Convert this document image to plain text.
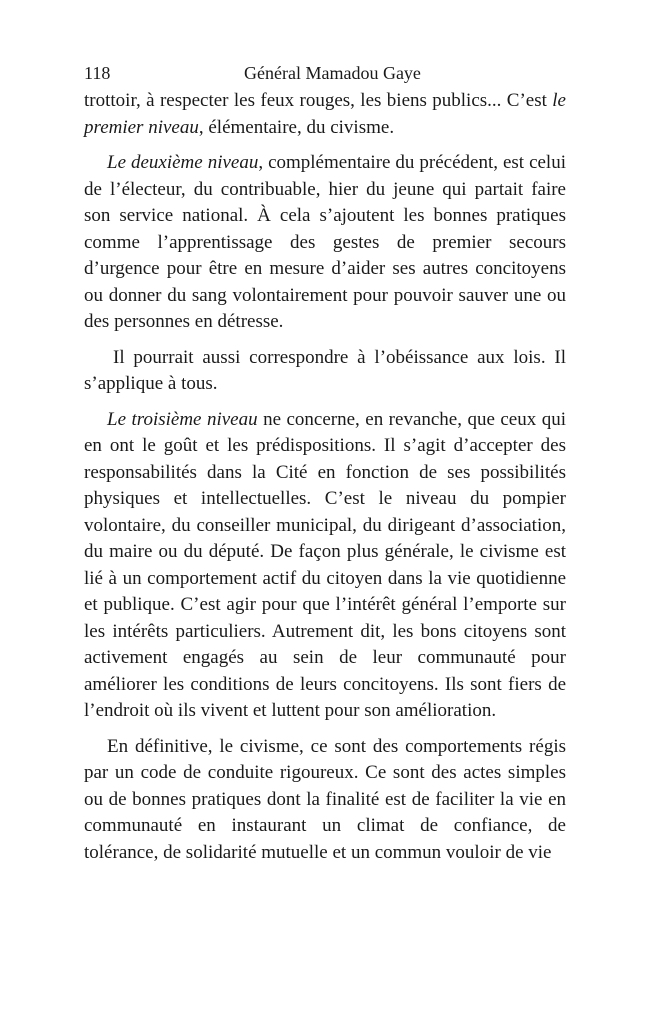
118	Général Mamadou Gaye

trottoir, à respecter les feux rouges, les biens publics... C’est le premier niveau, élémentaire, du civisme.

Le deuxième niveau, complémentaire du précédent, est celui de l’électeur, du contribuable, hier du jeune qui partait faire son service national. À cela s’ajoutent les bonnes pratiques comme l’apprentissage des gestes de premier secours d’urgence pour être en mesure d’aider ses autres concitoyens ou donner du sang volontairement pour pouvoir sauver une ou des personnes en détresse.

Il pourrait aussi correspondre à l’obéissance aux lois. Il s’applique à tous.

Le troisième niveau ne concerne, en revanche, que ceux qui en ont le goût et les prédispositions. Il s’agit d’accepter des responsabilités dans la Cité en fonction de ses possibilités physiques et intellectuelles. C’est le niveau du pompier volontaire, du conseiller municipal, du dirigeant d’association, du maire ou du député. De façon plus générale, le civisme est lié à un comportement actif du citoyen dans la vie quotidienne et publique. C’est agir pour que l’intérêt général l’emporte sur les intérêts particuliers. Autrement dit, les bons citoyens sont activement engagés au sein de leur communauté pour améliorer les conditions de leurs concitoyens. Ils sont fiers de l’endroit où ils vivent et luttent pour son amélioration.

En définitive, le civisme, ce sont des comportements régis par un code de conduite rigoureux. Ce sont des actes simples ou de bonnes pratiques dont la finalité est de faciliter la vie en communauté en instaurant un climat de confiance, de tolérance, de solidarité mutuelle et un commun vouloir de vie
